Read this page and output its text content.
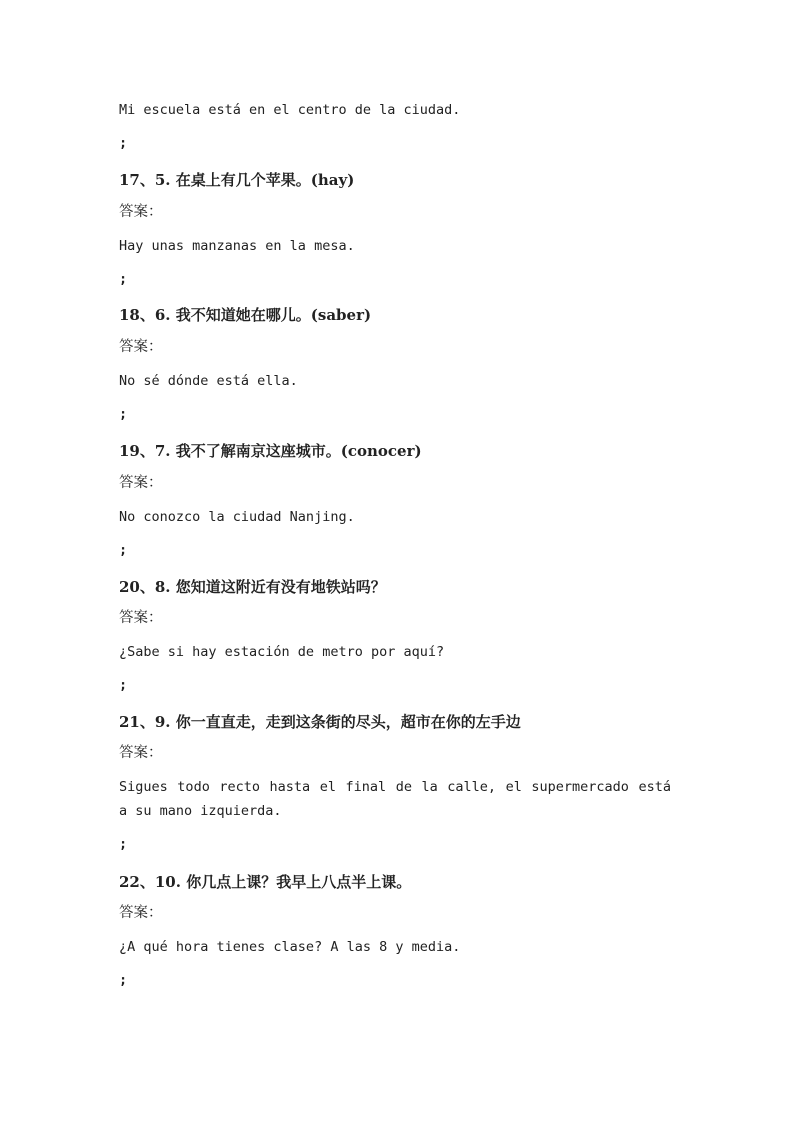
Mi escuela está en el centro de la ciudad.
;
17、5. 在桌上有几个苹果。(hay)
答案：
Hay unas manzanas en la mesa.
;
18、6. 我不知道她在哪儿。(saber)
答案：
No sé dónde está ella.
;
19、7. 我不了解南京这座城市。(conocer)
答案：
No conozco la ciudad Nanjing.
;
20、8. 您知道这附近有没有地铁站吗？
答案：
¿Sabe si hay estación de metro por aquí?
;
21、9. 你一直直走，走到这条街的尽头，超市在你的左手边
答案：
Sigues todo recto hasta el final de la calle, el supermercado está a su mano izquierda.
;
22、10. 你几点上课？我早上八点半上课。
答案：
¿A qué hora tienes clase? A las 8 y media.
;
